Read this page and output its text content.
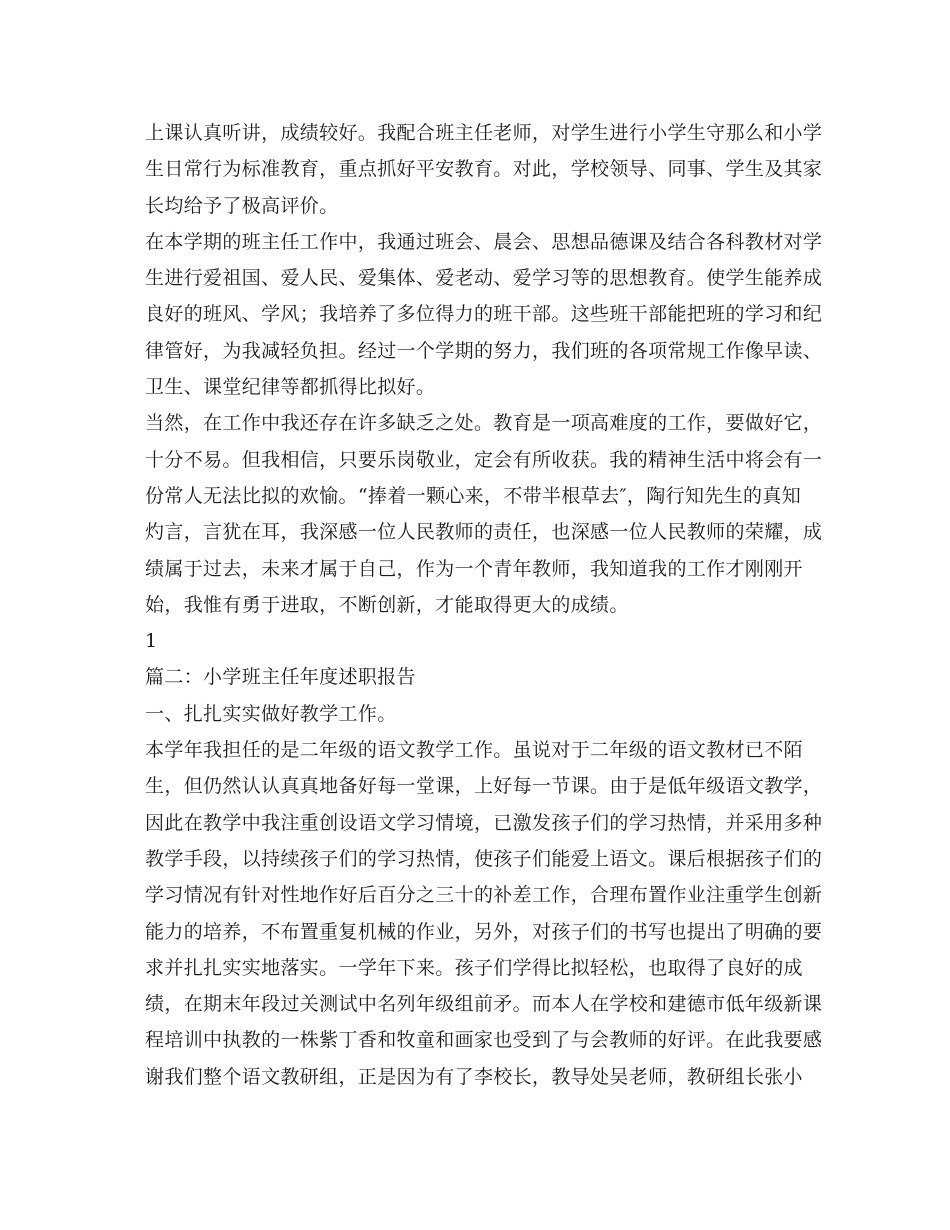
上课认真听讲，成绩较好。我配合班主任老师，对学生进行小学生守那么和小学
生日常行为标准教育，重点抓好平安教育。对此，学校领导、同事、学生及其家
长均给予了极高评价。
在本学期的班主任工作中，我通过班会、晨会、思想品德课及结合各科教材对学
生进行爱祖国、爱人民、爱集体、爱老动、爱学习等的思想教育。使学生能养成
良好的班风、学风；我培养了多位得力的班干部。这些班干部能把班的学习和纪
律管好，为我减轻负担。经过一个学期的努力，我们班的各项常规工作像早读、
卫生、课堂纪律等都抓得比拟好。
当然，在工作中我还存在许多缺乏之处。教育是一项高难度的工作，要做好它，
十分不易。但我相信，只要乐岗敬业，定会有所收获。我的精神生活中将会有一
份常人无法比拟的欢愉。“捧着一颗心来，不带半根草去″，陶行知先生的真知
灼言，言犹在耳，我深感一位人民教师的责任，也深感一位人民教师的荣耀，成
绩属于过去，未来才属于自己，作为一个青年教师，我知道我的工作才刚刚开
始，我惟有勇于进取，不断创新，才能取得更大的成绩。
1
篇二：小学班主任年度述职报告
一、扎扎实实做好教学工作。
本学年我担任的是二年级的语文教学工作。虽说对于二年级的语文教材已不陌
生，但仍然认认真真地备好每一堂课，上好每一节课。由于是低年级语文教学，
因此在教学中我注重创设语文学习情境，已激发孩子们的学习热情，并采用多种
教学手段，以持续孩子们的学习热情，使孩子们能爱上语文。课后根据孩子们的
学习情况有针对性地作好后百分之三十的补差工作，合理布置作业注重学生创新
能力的培养，不布置重复机械的作业，另外，对孩子们的书写也提出了明确的要
求并扎扎实实地落实。一学年下来。孩子们学得比拟轻松，也取得了良好的成
绩，在期末年段过关测试中名列年级组前矛。而本人在学校和建德市低年级新课
程培训中执教的一株紫丁香和牧童和画家也受到了与会教师的好评。在此我要感
谢我们整个语文教研组，正是因为有了李校长，教导处吴老师，教研组长张小
